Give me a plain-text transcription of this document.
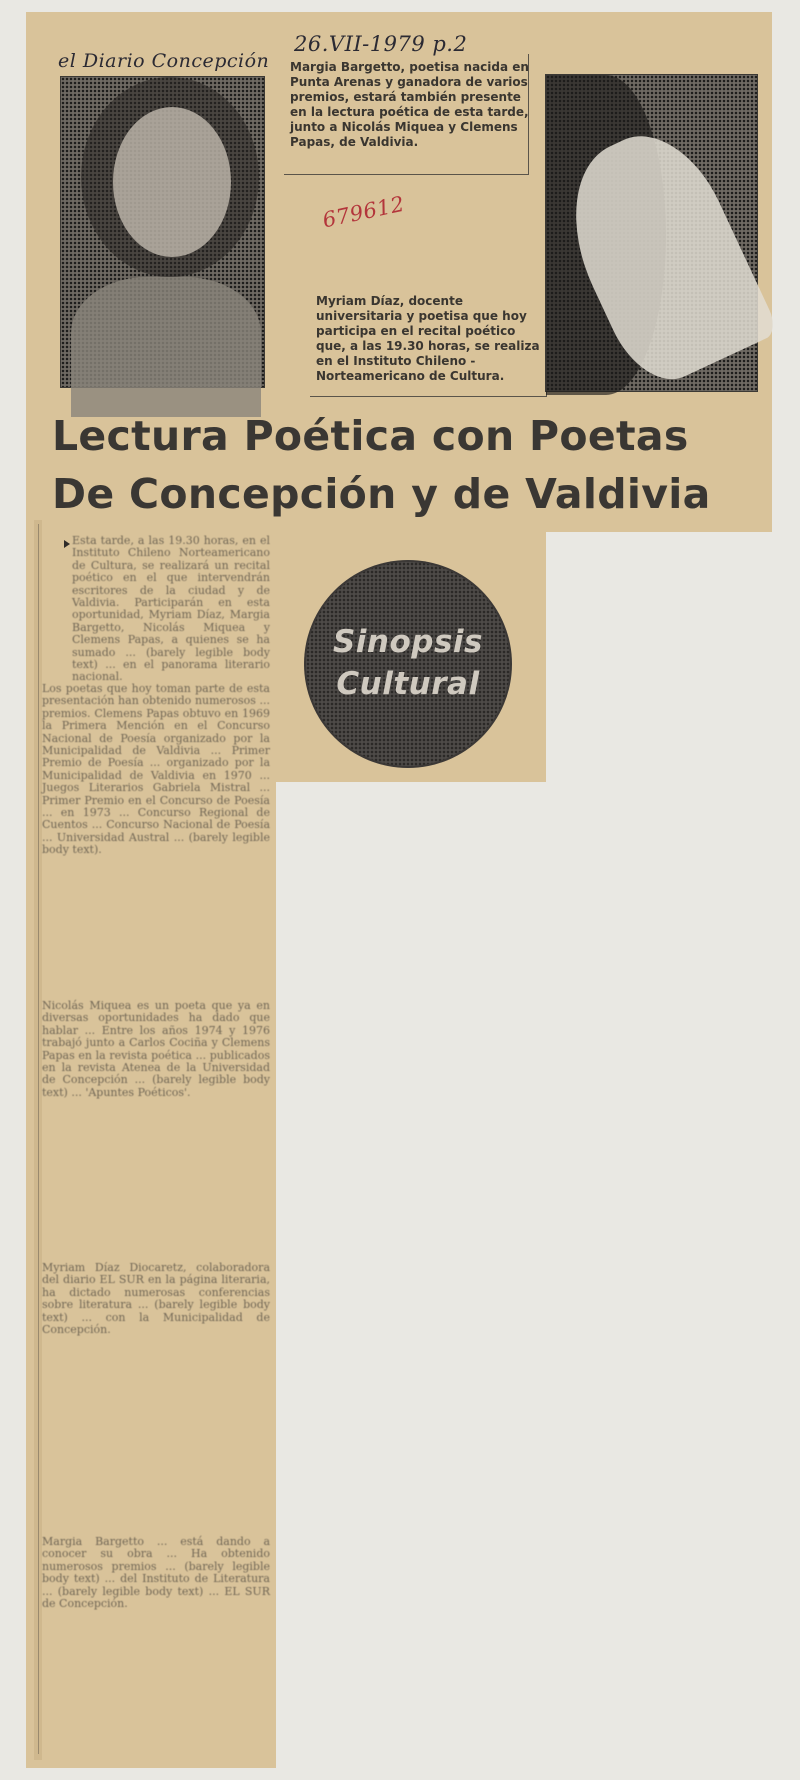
el Diario Concepción
26.VII-1979 p.2
679612
Margia Bargetto, poetisa nacida en Punta Arenas y ganadora de varios premios, estará también presente en la lectura poética de esta tarde, junto a Nicolás Miquea y Clemens Papas, de Valdivia.
Myriam Díaz, docente universitaria y poetisa que hoy participa en el recital poético que, a las 19.30 horas, se realiza en el Instituto Chileno - Norteamericano de Cultura.
Lectura Poética con Poetas
De Concepción y de Valdivia
Sinopsis
Cultural
Esta tarde, a las 19.30 horas, en el Instituto Chileno Norteamericano de Cultura, se realizará un recital poético en el que intervendrán escritores de la ciudad y de Valdivia. Participarán en esta oportunidad, Myriam Díaz, Margia Bargetto, Nicolás Miquea y Clemens Papas, a quienes se ha sumado ... (barely legible body text) ... en el panorama literario nacional.
Los poetas que hoy toman parte de esta presentación han obtenido numerosos ... premios. Clemens Papas obtuvo en 1969 la Primera Mención en el Concurso Nacional de Poesía organizado por la Municipalidad de Valdivia ... Primer Premio de Poesía ... organizado por la Municipalidad de Valdivia en 1970 ... Juegos Literarios Gabriela Mistral ... Primer Premio en el Concurso de Poesía ... en 1973 ... Concurso Regional de Cuentos ... Concurso Nacional de Poesía ... Universidad Austral ... (barely legible body text).
Nicolás Miquea es un poeta que ya en diversas oportunidades ha dado que hablar ... Entre los años 1974 y 1976 trabajó junto a Carlos Cociña y Clemens Papas en la revista poética ... publicados en la revista Atenea de la Universidad de Concepción ... (barely legible body text) ... 'Apuntes Poéticos'.
Myriam Díaz Diocaretz, colaboradora del diario EL SUR en la página literaria, ha dictado numerosas conferencias sobre literatura ... (barely legible body text) ... con la Municipalidad de Concepción.
Margia Bargetto ... está dando a conocer su obra ... Ha obtenido numerosos premios ... (barely legible body text) ... del Instituto de Literatura ... (barely legible body text) ... EL SUR de Concepción.
